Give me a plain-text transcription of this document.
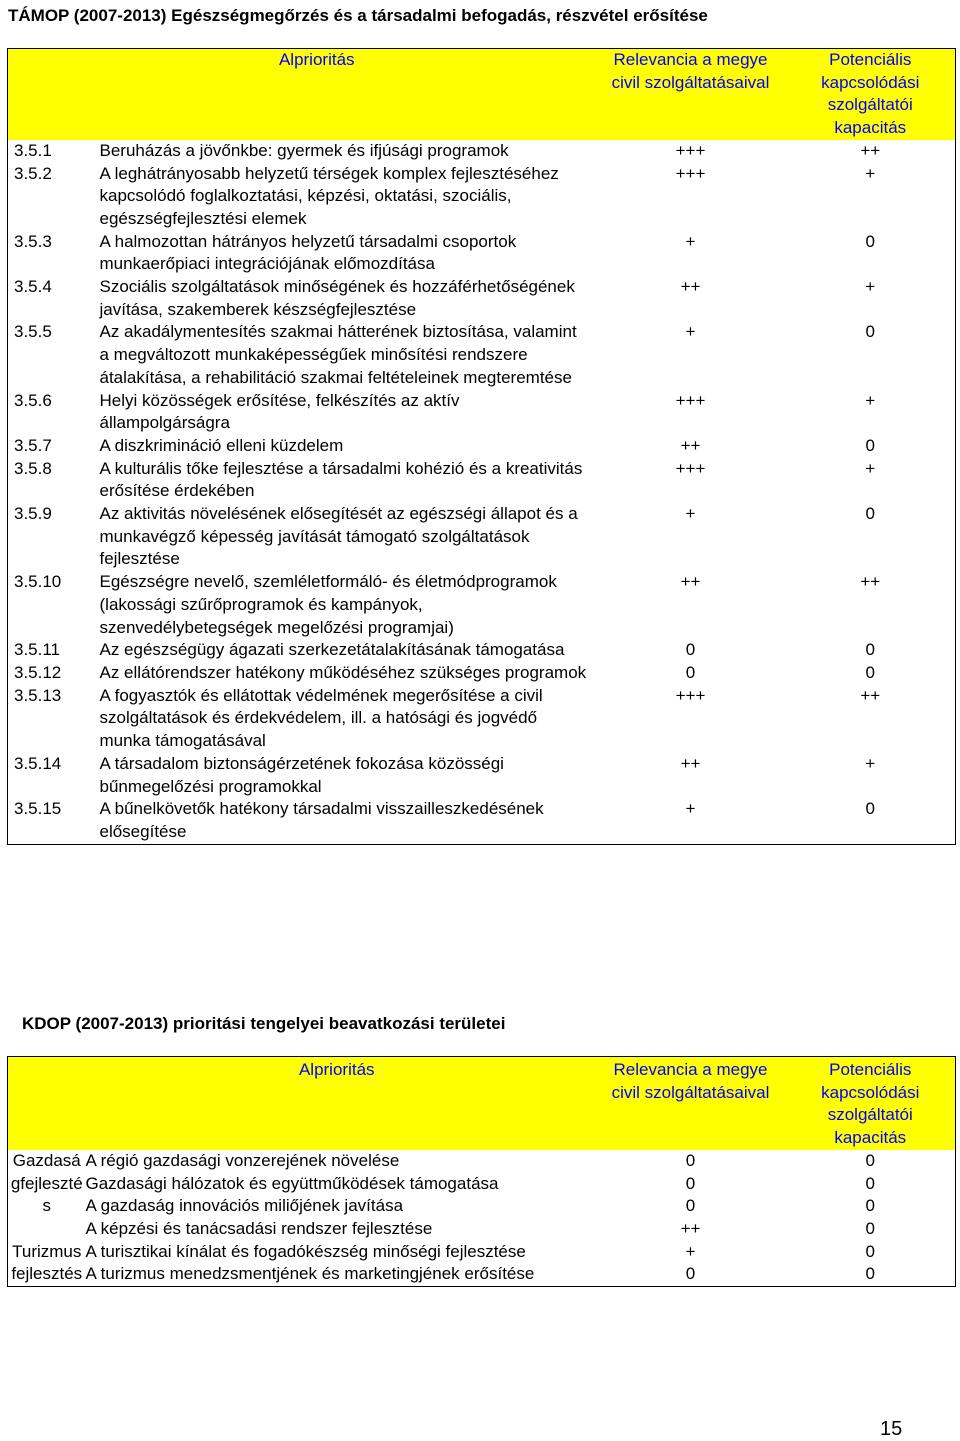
TÁMOP (2007-2013) Egészségmegőrzés és a társadalmi befogadás, részvétel erősítése
Alprioritás		Relevancia a megye civil szolgáltatásaival	Potenciális kapcsolódási szolgáltatói kapacitás
3.5.1	Beruházás a jövőnkbe: gyermek és ifjúsági programok	+++	++
3.5.2	A leghátrányosabb helyzetű térségek komplex fejlesztéséhez kapcsolódó foglalkoztatási, képzési, oktatási, szociális, egészségfejlesztési elemek	+++	+
3.5.3	A halmozottan hátrányos helyzetű társadalmi csoportok munkaerőpiaci integrációjának előmozdítása	+	0
3.5.4	Szociális szolgáltatások minőségének és hozzáférhetőségének javítása, szakemberek készségfejlesztése	++	+
3.5.5	Az akadálymentesítés szakmai hátterének biztosítása, valamint a megváltozott munkaképességűek minősítési rendszere átalakítása, a rehabilitáció szakmai feltételeinek megteremtése	+	0
3.5.6	Helyi közösségek erősítése, felkészítés az aktív állampolgárságra	+++	+
3.5.7	A diszkrimináció elleni küzdelem	++	0
3.5.8	A kulturális tőke fejlesztése a társadalmi kohézió és a kreativitás erősítése érdekében	+++	+
3.5.9	Az aktivitás növelésének elősegítését az egészségi állapot és a munkavégző képesség javítását támogató szolgáltatások fejlesztése	+	0
3.5.10	Egészségre nevelő, szemléletformáló- és életmódprogramok (lakossági szűrőprogramok és kampányok, szenvedélybetegségek megelőzési programjai)	++	++
3.5.11	Az egészségügy ágazati szerkezetátalakításának támogatása	0	0
3.5.12	Az ellátórendszer hatékony működéséhez szükséges programok	0	0
3.5.13	A fogyasztók és ellátottak védelmének megerősítése a civil szolgáltatások és érdekvédelem, ill. a hatósági és jogvédő munka támogatásával	+++	++
3.5.14	A társadalom biztonságérzetének fokozása közösségi bűnmegelőzési programokkal	++	+
3.5.15	A bűnelkövetők hatékony társadalmi visszailleszkedésének elősegítése	+	0
KDOP (2007-2013) prioritási tengelyei beavatkozási területei
Alprioritás		Relevancia a megye civil szolgáltatásaival	Potenciális kapcsolódási szolgáltatói kapacitás
Gazdaságfejlesztés	A régió gazdasági vonzerejének növelése	0	0
	Gazdasági hálózatok és együttműködések támogatása	0	0
	A gazdaság innovációs miliőjének javítása	0	0
	A képzési és tanácsadási rendszer fejlesztése	++	0
Turizmusfejlesztés	A turisztikai kínálat és fogadókészség minőségi fejlesztése	+	0
	A turizmus menedzsmentjének és marketingjének erősítése	0	0
15
